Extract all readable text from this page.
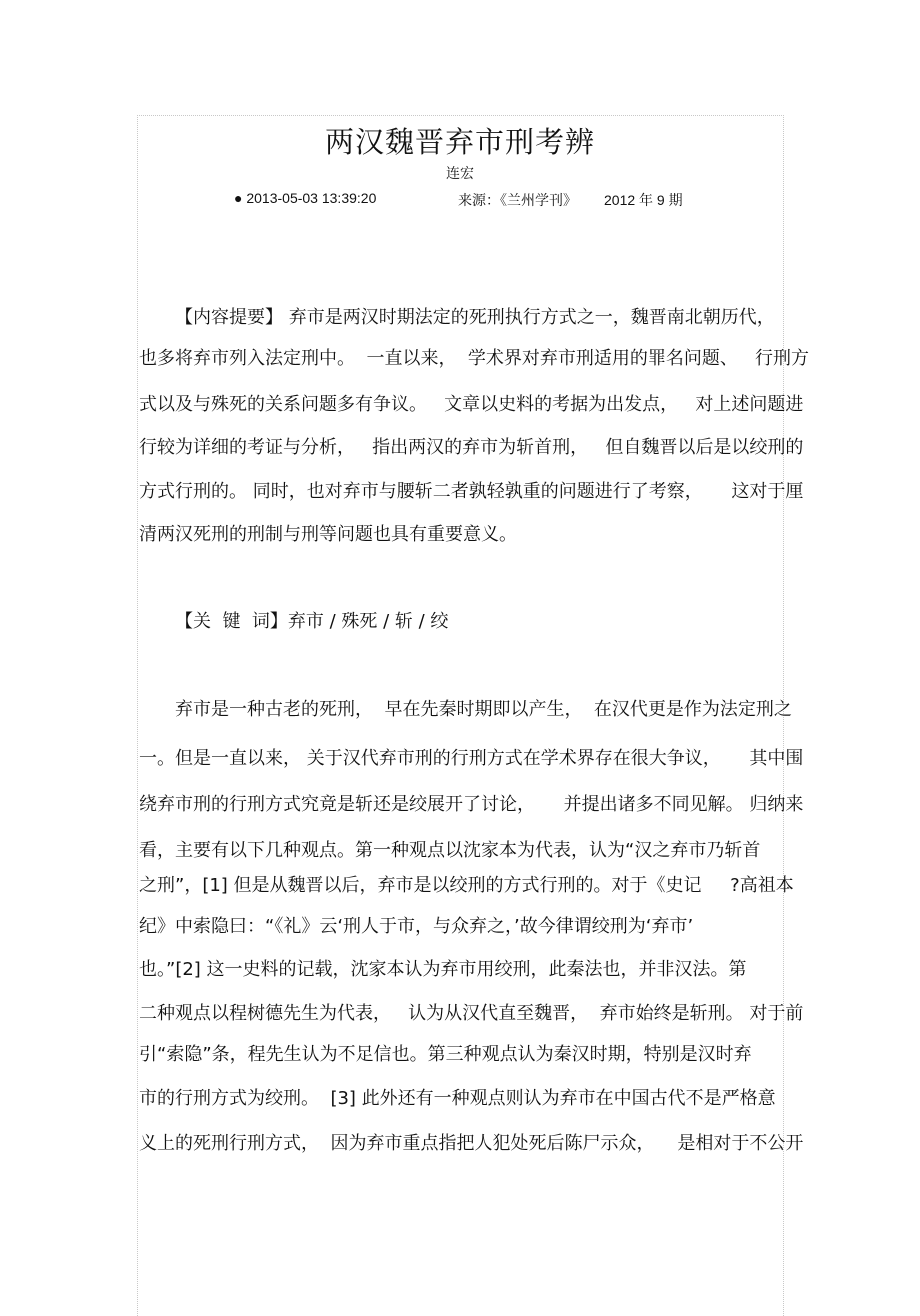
两汉魏晋弃市刑考辨
连宏
● 2013-05-03 13:39:20	来源：《兰州学刊》 2012 年 9 期
【内容提要】 弃市是两汉时期法定的死刑执行方式之一，魏晋南北朝历代，
也多将弃市列入法定刑中。  一直以来，  学术界对弃市刑适用的罪名问题、   行刑方
式以及与殊死的关系问题多有争议。   文章以史料的考据为出发点，   对上述问题进
行较为详细的考证与分析，   指出两汉的弃市为斩首刑，   但自魏晋以后是以绞刑的
方式行刑的。 同时，也对弃市与腰斩二者孰轻孰重的问题进行了考察，     这对于厘
清两汉死刑的刑制与刑等问题也具有重要意义。
【关  键  词】弃市 / 殊死 / 斩 / 绞
弃市是一种古老的死刑，  早在先秦时期即以产生，  在汉代更是作为法定刑之
一。但是一直以来， 关于汉代弃市刑的行刑方式在学术界存在很大争议，     其中围
绕弃市刑的行刑方式究竟是斩还是绞展开了讨论，     并提出诸多不同见解。 归纳来
看，主要有以下几种观点。第一种观点以沈家本为代表，认为“汉之弃市乃斩首
之刑”，[1] 但是从魏晋以后，弃市是以绞刑的方式行刑的。对于《史记     ?高祖本
纪》中索隐曰：“《礼》云‘刑人于市，与众弃之，’故今律谓绞刑为‘弃市’
也。”[2] 这一史料的记载，沈家本认为弃市用绞刑，此秦法也，并非汉法。第
二种观点以程树德先生为代表，   认为从汉代直至魏晋，  弃市始终是斩刑。 对于前
引“索隐”条，程先生认为不足信也。第三种观点认为秦汉时期，特别是汉时弃
市的行刑方式为绞刑。  [3] 此外还有一种观点则认为弃市在中国古代不是严格意
义上的死刑行刑方式，  因为弃市重点指把人犯处死后陈尸示众，    是相对于不公开
